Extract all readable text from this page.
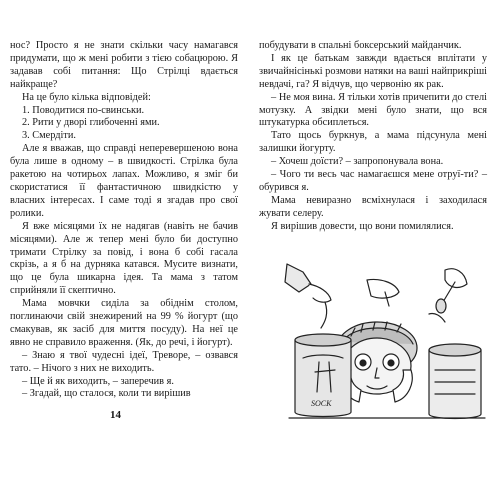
нос? Просто я не знати скільки часу намагався придумати, що ж мені робити з тією собацюрою. Я задавав собі питання: Що Стрілці вдається найкраще?

На це було кілька відповідей:

1. Поводитися по-свинськи.

2. Рити у дворі глибоченні ями.

3. Смердіти.

Але я вважав, що справді неперевершеною вона була лише в одному – в швидкості. Стрілка була ракетою на чотирьох лапах. Можливо, я зміг би скористатися її фантастичною швидкістю у власних інтересах. І саме тоді я згадав про свої ролики.

Я вже місяцями їх не надягав (навіть не бачив місяцями). Але ж тепер мені було би доступно тримати Стрілку за повід, і вона б собі гасала скрізь, а я б на дурняка катався. Мусите визнати, що це була шикарна ідея. Та мама з татом сприйняли її скептично.

Мама мовчки сиділа за обіднім столом, поглинаючи свій знежирений на 99 % йогурт (що смакував, як засіб для миття посуду). На неї це явно не справило враження. (Як, до речі, і йогурт).

– Знаю я твої чудесні ідеї, Треворе, – озвався тато. – Нічого з них не виходить.

– Ще й як виходить, – заперечив я.

– Згадай, що сталося, коли ти вирішив

14

побудувати в спальні боксерський майданчик.

І як це батькам завжди вдається вплітати у звичайнісінькі розмови натяки на ваші найприкріші невдачі, га? Я відчув, що червонію як рак.

– Не моя вина. Я тільки хотів причепити до стелі мотузку. А звідки мені було знати, що вся штукатурка обсиплеться.

Тато щось буркнув, а мама підсунула мені залишки йогурту.

– Хочеш доїсти? – запропонувала вона.

– Чого ти весь час намагаєшся мене отруї-ти? – обурився я.

Мама невиразно всміхнулася і заходилася жувати селеру.

Я вирішив довести, що вони помилялися.

SOCK
